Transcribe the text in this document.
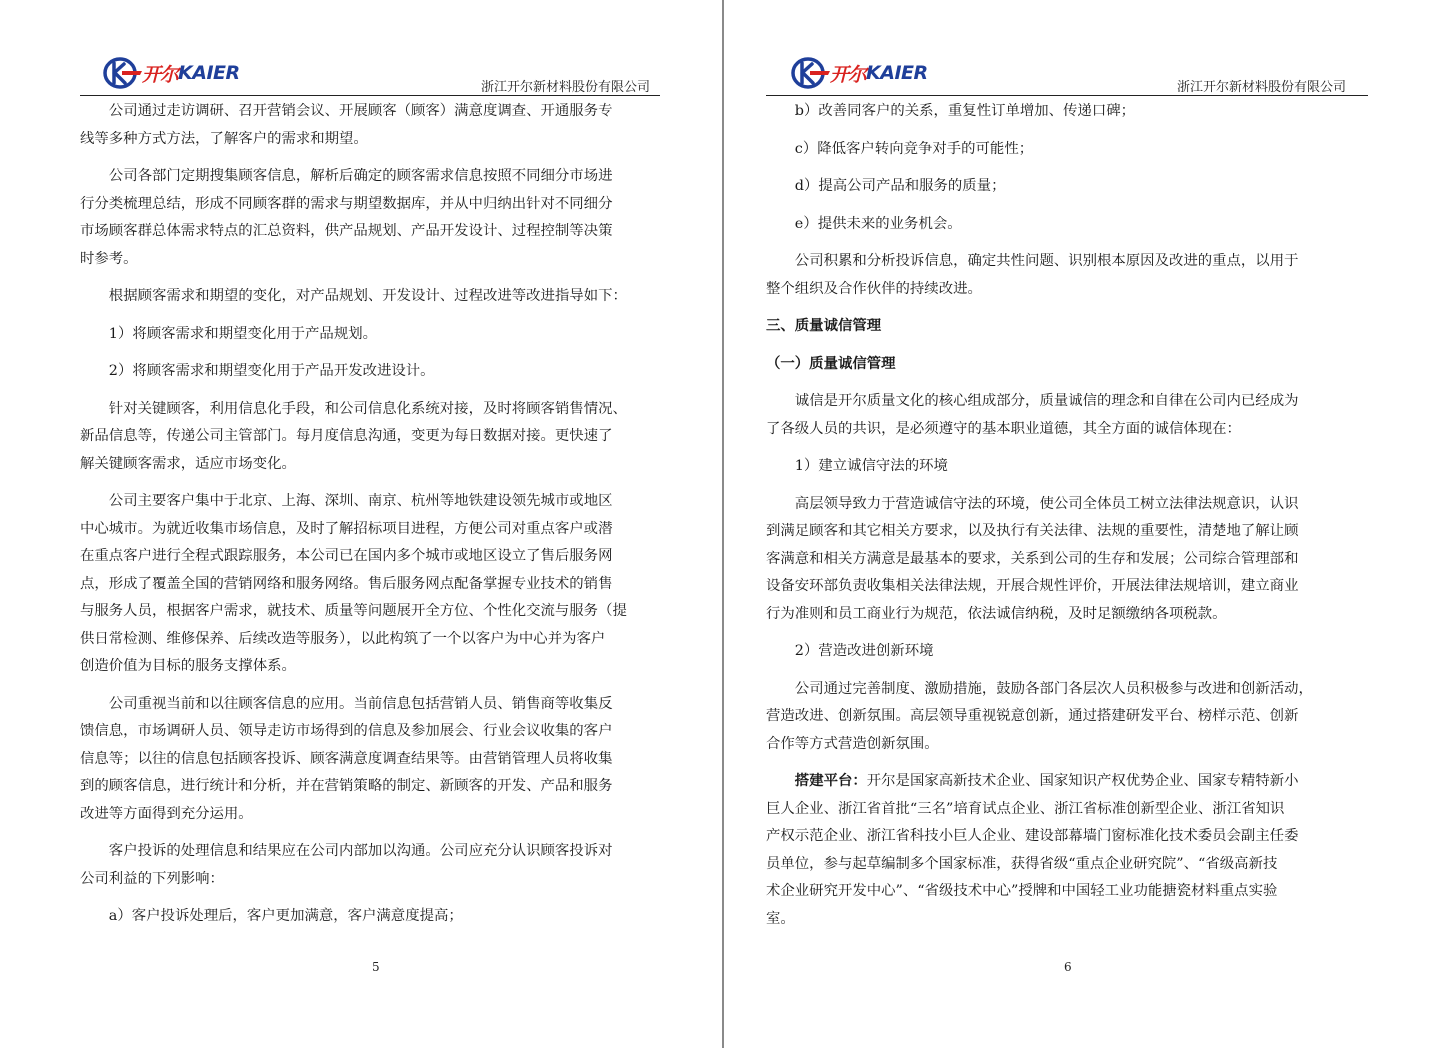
开尔 KAIER
浙江开尔新材料股份有限公司

公司通过走访调研、召开营销会议、开展顾客（顾客）满意度调查、开通服务专
线等多种方式方法，了解客户的需求和期望。

公司各部门定期搜集顾客信息，解析后确定的顾客需求信息按照不同细分市场进
行分类梳理总结，形成不同顾客群的需求与期望数据库，并从中归纳出针对不同细分
市场顾客群总体需求特点的汇总资料，供产品规划、产品开发设计、过程控制等决策
时参考。

根据顾客需求和期望的变化，对产品规划、开发设计、过程改进等改进指导如下：

1）将顾客需求和期望变化用于产品规划。

2）将顾客需求和期望变化用于产品开发改进设计。

针对关键顾客，利用信息化手段，和公司信息化系统对接，及时将顾客销售情况、
新品信息等，传递公司主管部门。每月度信息沟通，变更为每日数据对接。更快速了
解关键顾客需求，适应市场变化。

公司主要客户集中于北京、上海、深圳、南京、杭州等地铁建设领先城市或地区
中心城市。为就近收集市场信息，及时了解招标项目进程，方便公司对重点客户或潜
在重点客户进行全程式跟踪服务，本公司已在国内多个城市或地区设立了售后服务网
点，形成了覆盖全国的营销网络和服务网络。售后服务网点配备掌握专业技术的销售
与服务人员，根据客户需求，就技术、质量等问题展开全方位、个性化交流与服务（提
供日常检测、维修保养、后续改造等服务），以此构筑了一个以客户为中心并为客户
创造价值为目标的服务支撑体系。

公司重视当前和以往顾客信息的应用。当前信息包括营销人员、销售商等收集反
馈信息，市场调研人员、领导走访市场得到的信息及参加展会、行业会议收集的客户
信息等；以往的信息包括顾客投诉、顾客满意度调查结果等。由营销管理人员将收集
到的顾客信息，进行统计和分析，并在营销策略的制定、新顾客的开发、产品和服务
改进等方面得到充分运用。

客户投诉的处理信息和结果应在公司内部加以沟通。公司应充分认识顾客投诉对
公司利益的下列影响：

a）客户投诉处理后，客户更加满意，客户满意度提高；

5
开尔 KAIER
浙江开尔新材料股份有限公司

b）改善同客户的关系，重复性订单增加、传递口碑；

c）降低客户转向竞争对手的可能性；

d）提高公司产品和服务的质量；

e）提供未来的业务机会。

公司积累和分析投诉信息，确定共性问题、识别根本原因及改进的重点，以用于
整个组织及合作伙伴的持续改进。

三、质量诚信管理

（一）质量诚信管理

诚信是开尔质量文化的核心组成部分，质量诚信的理念和自律在公司内已经成为
了各级人员的共识，是必须遵守的基本职业道德，其全方面的诚信体现在：

1）建立诚信守法的环境

高层领导致力于营造诚信守法的环境，使公司全体员工树立法律法规意识，认识
到满足顾客和其它相关方要求，以及执行有关法律、法规的重要性，清楚地了解让顾
客满意和相关方满意是最基本的要求，关系到公司的生存和发展；公司综合管理部和
设备安环部负责收集相关法律法规，开展合规性评价，开展法律法规培训，建立商业
行为准则和员工商业行为规范，依法诚信纳税，及时足额缴纳各项税款。

2）营造改进创新环境

公司通过完善制度、激励措施，鼓励各部门各层次人员积极参与改进和创新活动，
营造改进、创新氛围。高层领导重视锐意创新，通过搭建研发平台、榜样示范、创新
合作等方式营造创新氛围。

搭建平台：开尔是国家高新技术企业、国家知识产权优势企业、国家专精特新小
巨人企业、浙江省首批“三名”培育试点企业、浙江省标准创新型企业、浙江省知识
产权示范企业、浙江省科技小巨人企业、建设部幕墙门窗标准化技术委员会副主任委
员单位，参与起草编制多个国家标准，获得省级“重点企业研究院”、“省级高新技
术企业研究开发中心”、“省级技术中心”授牌和中国轻工业功能搪瓷材料重点实验
室。

6
